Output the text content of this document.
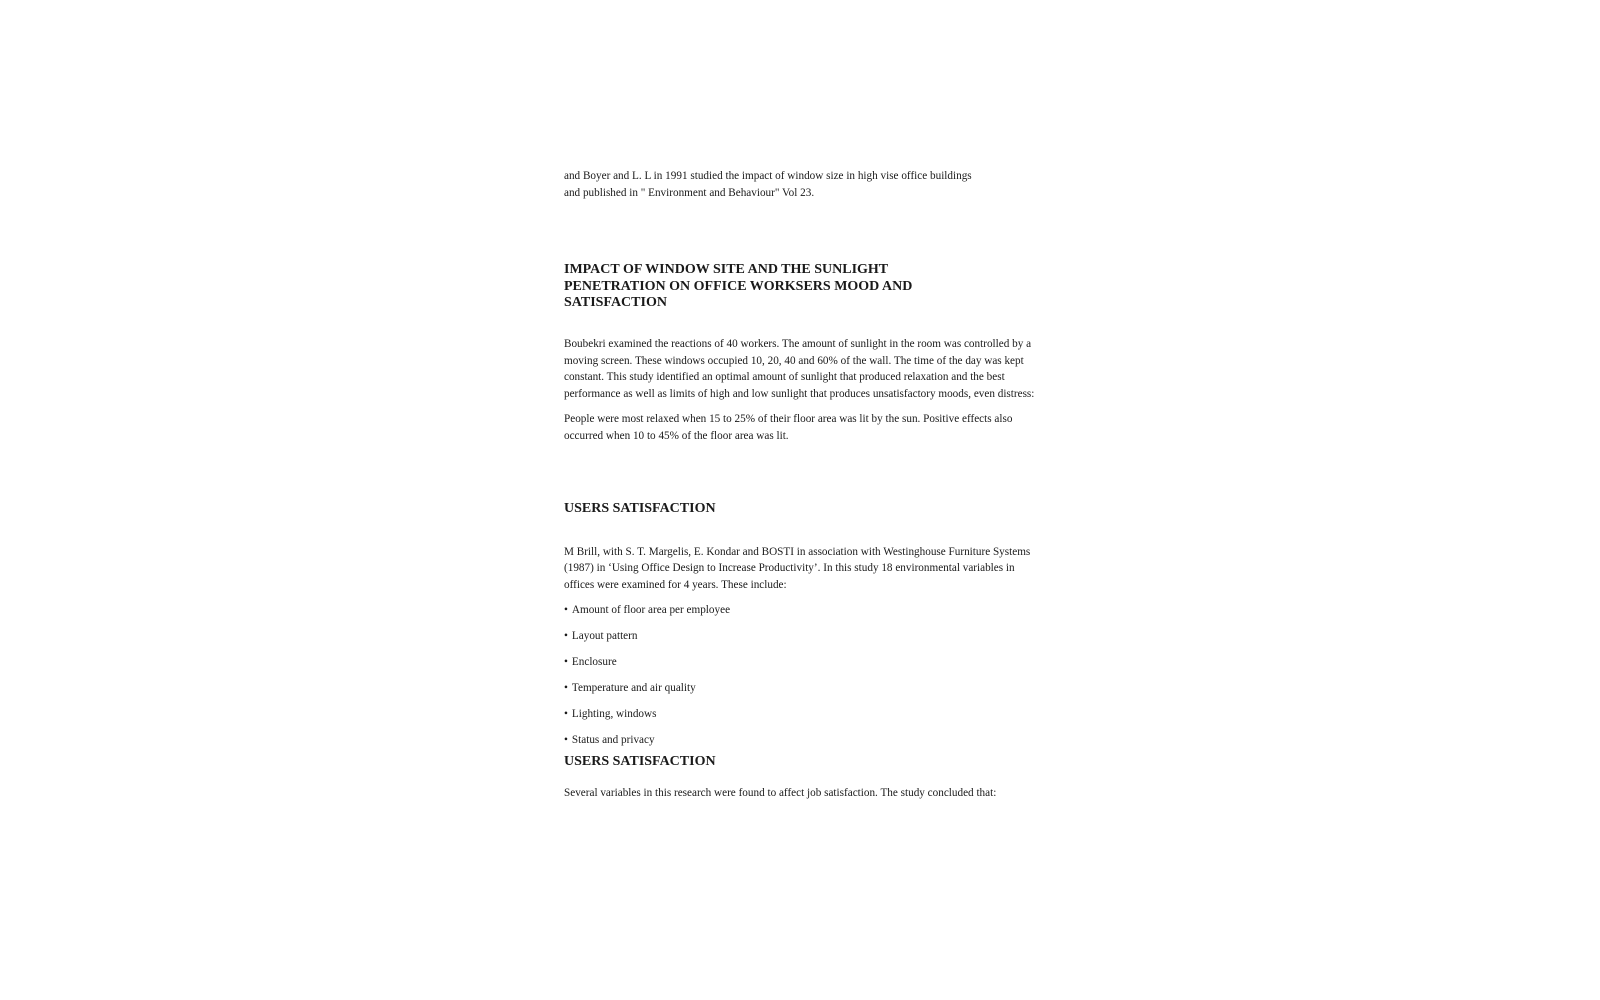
and Boyer and L. L in 1991 studied the impact of window size in high vise office buildings
and published in " Environment and Behaviour" Vol 23.

IMPACT OF WINDOW SITE AND THE SUNLIGHT
PENETRATION ON OFFICE WORKSERS MOOD AND
SATISFACTION

Boubekri examined the reactions of 40 workers. The amount of sunlight in the room was controlled by a moving screen. These windows occupied 10, 20, 40 and 60% of the wall. The time of the day was kept constant. This study identified an optimal amount of sunlight that produced relaxation and the best performance as well as limits of high and low sunlight that produces unsatisfactory moods, even distress:

People were most relaxed when 15 to 25% of their floor area was lit by the sun. Positive effects also occurred when 10 to 45% of the floor area was lit.

USERS SATISFACTION

M Brill, with S. T. Margelis, E. Kondar and BOSTI in association with Westinghouse Furniture Systems (1987) in ‘Using Office Design to Increase Productivity’. In this study 18 environmental variables in offices were examined for 4 years. These include:

• Amount of floor area per employee

• Layout pattern

• Enclosure

• Temperature and air quality

• Lighting, windows

• Status and privacy

USERS SATISFACTION

Several variables in this research were found to affect job satisfaction. The study concluded that:
